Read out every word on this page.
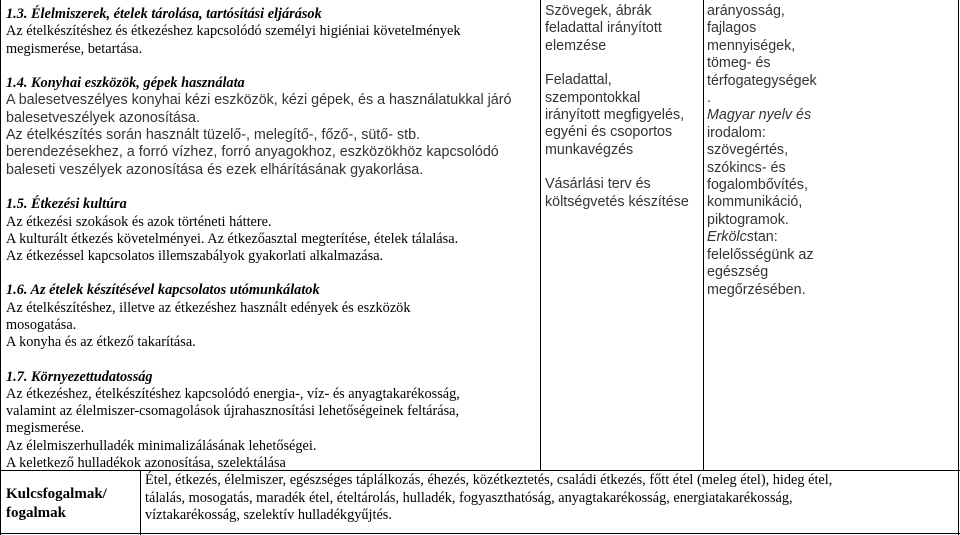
1.3. Élelmiszerek, ételek tárolása, tartósítási eljárások

Az ételkészítéshez és étkezéshez kapcsolódó személyi higiéniai követelmények

megismerése, betartása.

1.4. Konyhai eszközök, gépek használata

A balesetveszélyes konyhai kézi eszközök, kézi gépek, és a használatukkal járó

balesetveszélyek azonosítása.

Az ételkészítés során használt tüzelő-, melegítő-, főző-, sütő- stb.

berendezésekhez, a forró vízhez, forró anyagokhoz, eszközökhöz kapcsolódó

baleseti veszélyek azonosítása és ezek elhárításának gyakorlása.

1.5. Étkezési kultúra

Az étkezési szokások és azok történeti háttere.

A kulturált étkezés követelményei. Az étkezőasztal megterítése, ételek tálalása.

Az étkezéssel kapcsolatos illemszabályok gyakorlati alkalmazása.

1.6. Az ételek készítésével kapcsolatos utómunkálatok

Az ételkészítéshez, illetve az étkezéshez használt edények és eszközök

mosogatása.

A konyha és az étkező takarítása.

1.7. Környezettudatosság

Az étkezéshez, ételkészítéshez kapcsolódó energia-, víz- és anyagtakarékosság,

valamint az élelmiszer-csomagolások újrahasznosítási lehetőségeinek feltárása,

megismerése.

Az élelmiszerhulladék minimalizálásának lehetőségei.

A keletkező hulladékok azonosítása, szelektálása

Szövegek, ábrák

feladattal irányított

elemzése

Feladattal,

szempontokkal

irányított megfigyelés,

egyéni és csoportos

munkavégzés

Vásárlási terv és

költségvetés készítése

arányosság,

fajlagos

mennyiségek,

tömeg- és

térfogategységek

.

Magyar nyelv és

irodalom:

szövegértés,

szókincs- és

fogalombővítés,

kommunikáció,

piktogramok.

Erkölcstan:

felelősségünk az

egészség

megőrzésében.

Kulcsfogalmak/
fogalmak
Étel, étkezés, élelmiszer, egészséges táplálkozás, éhezés, közétkeztetés, családi étkezés, főtt étel (meleg étel), hideg étel,
tálalás, mosogatás, maradék étel, ételtárolás, hulladék, fogyaszthatóság, anyagtakarékosság, energiatakarékosság,
víztakarékosság, szelektív hulladékgyűjtés.
